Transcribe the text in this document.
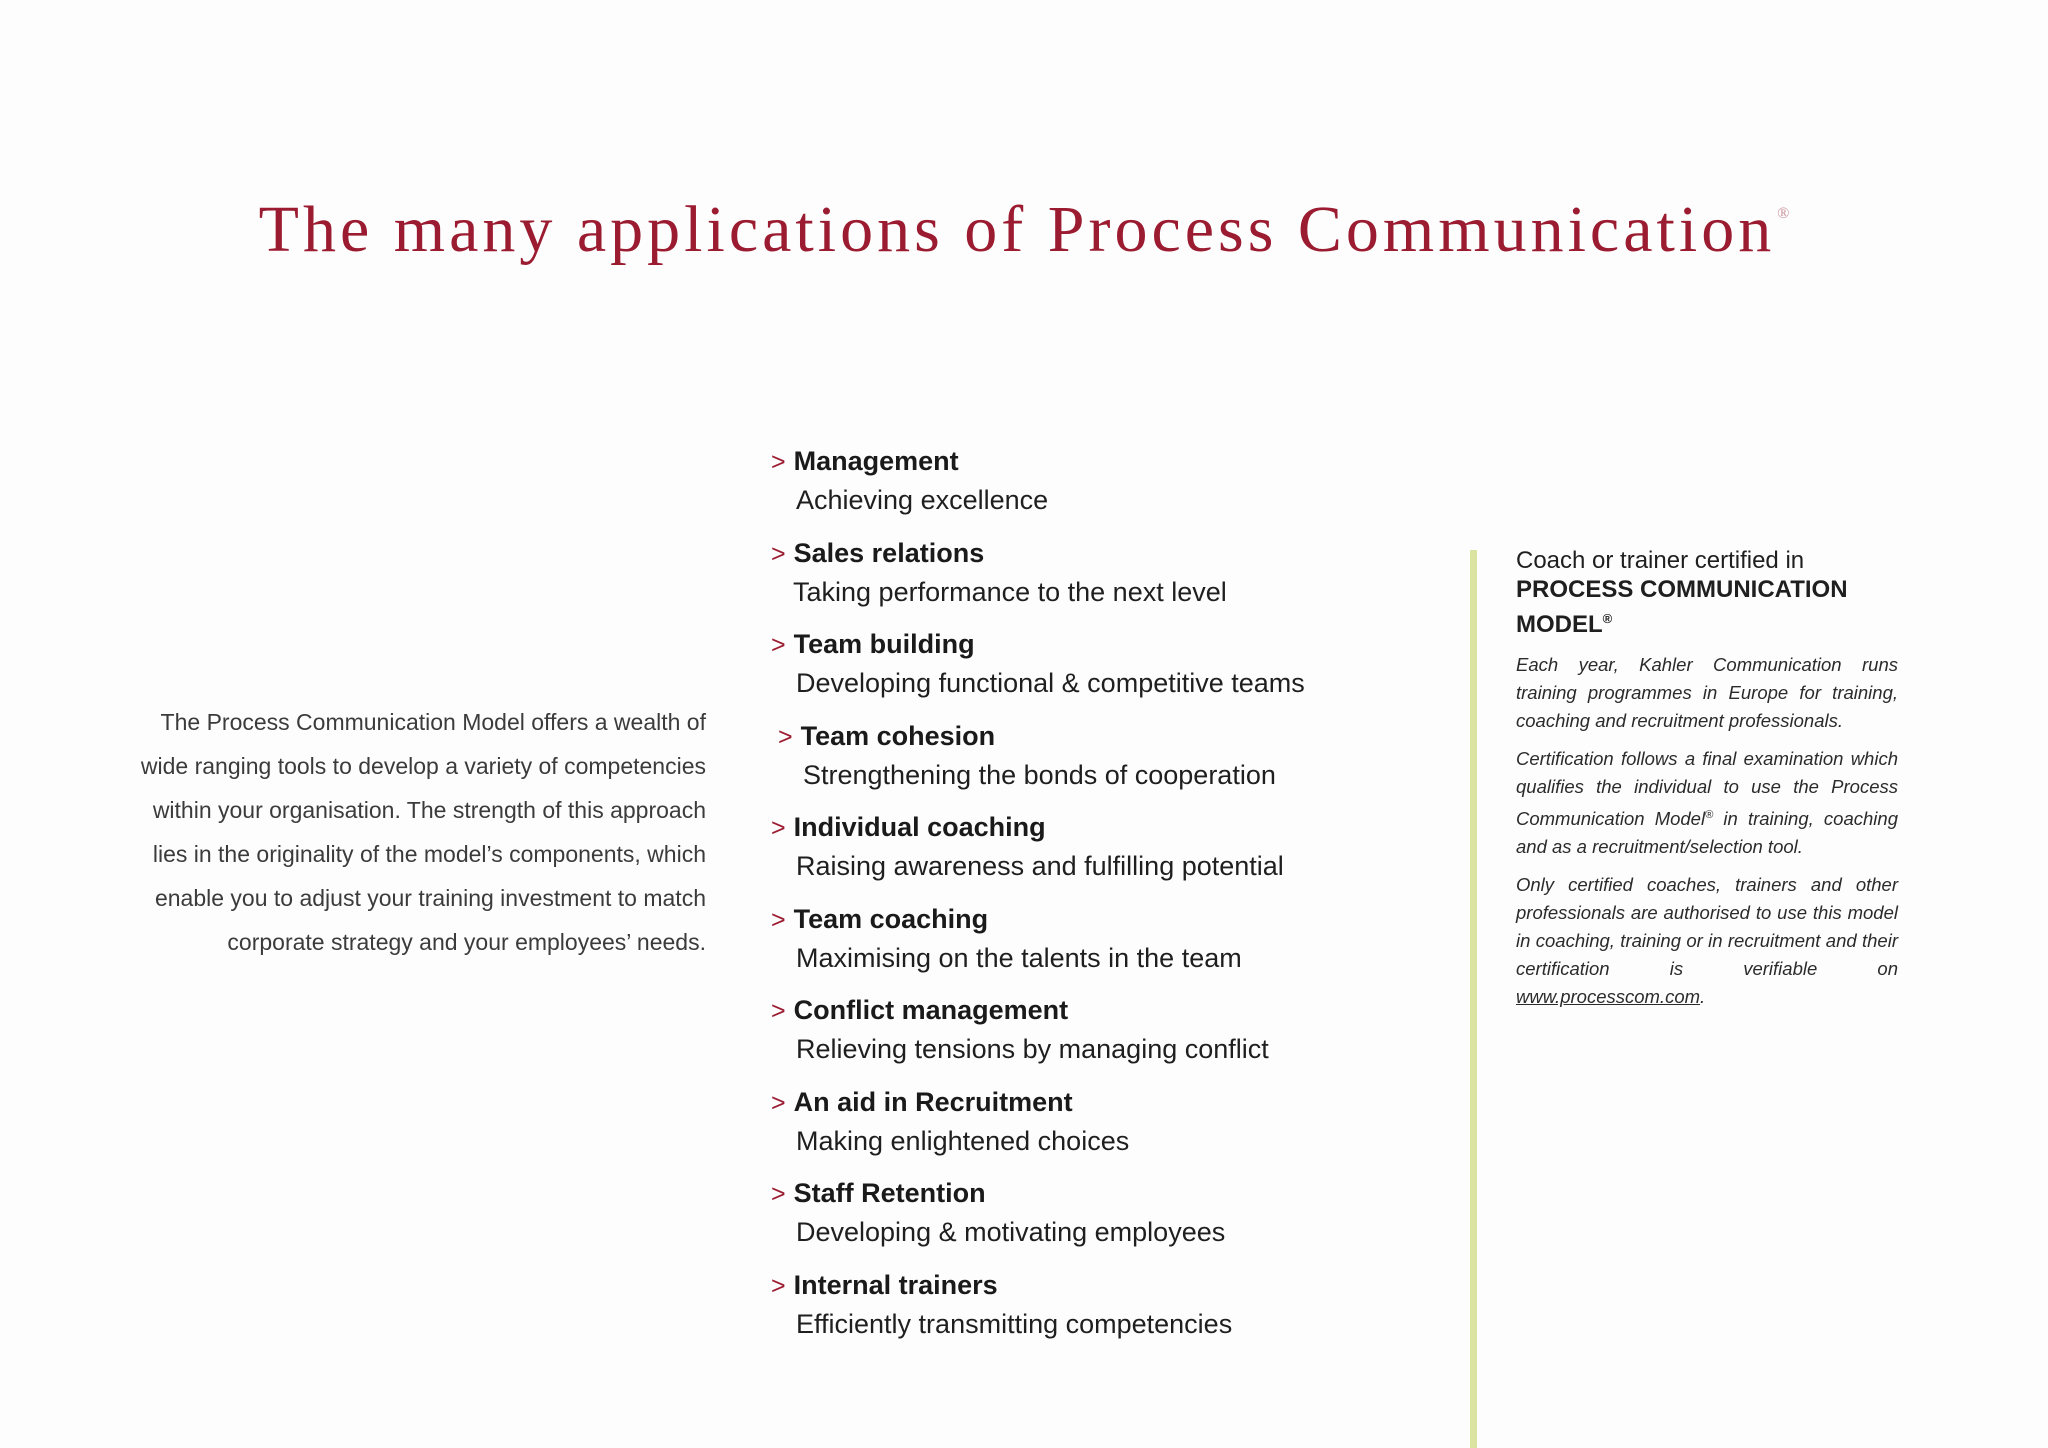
The many applications of Process Communication ®

The Process Communication Model offers a wealth of wide ranging tools to develop a variety of competencies within your organisation. The strength of this approach lies in the originality of the model’s components, which enable you to adjust your training investment to match corporate strategy and your employees’ needs.

> Management
Achieving excellence
> Sales relations
Taking performance to the next level
> Team building
Developing functional & competitive teams
> Team cohesion
Strengthening the bonds of cooperation
> Individual coaching
Raising awareness and fulfilling potential
> Team coaching
Maximising on the talents in the team
> Conflict management
Relieving tensions by managing conflict
> An aid in Recruitment
Making enlightened choices
> Staff Retention
Developing & motivating employees
> Internal trainers
Efficiently transmitting competencies
Coach or trainer certified in
PROCESS COMMUNICATION MODEL®

Each year, Kahler Communication runs training programmes in Europe for training, coaching and recruitment professionals.

Certification follows a final examination which qualifies the individual to use the Process Communication Model® in training, coaching and as a recruitment/selection tool.

Only certified coaches, trainers and other professionals are authorised to use this model in coaching, training or in recruitment and their certification is verifiable on www.processcom.com.
